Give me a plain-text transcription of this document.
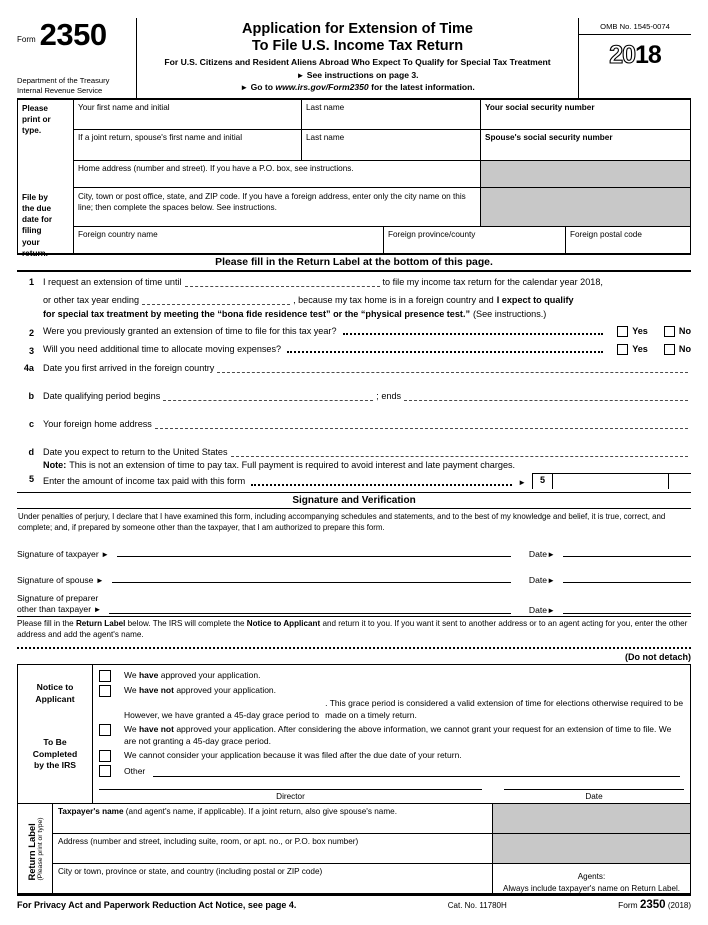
Form 2350
Department of the Treasury
Internal Revenue Service
Application for Extension of Time
To File U.S. Income Tax Return
For U.S. Citizens and Resident Aliens Abroad Who Expect To Qualify for Special Tax Treatment
► See instructions on page 3.
► Go to www.irs.gov/Form2350 for the latest information.
OMB No. 1545-0074
2018
Please
print or
type.
File by
the due
date for
filing
your
return.
Your first name and initial	Last name	Your social security number
If a joint return, spouse's first name and initial	Last name	Spouse's social security number
Home address (number and street). If you have a P.O. box, see instructions.
City, town or post office, state, and ZIP code. If you have a foreign address, enter only the city name on this line; then complete the spaces below. See instructions.
Foreign country name	Foreign province/county	Foreign postal code
Please fill in the Return Label at the bottom of this page.
1 I request an extension of time until	to file my income tax return for the calendar year 2018,
or other tax year ending	, because my tax home is in a foreign country and I expect to qualify
for special tax treatment by meeting the “bona fide residence test” or the “physical presence test.” (See instructions.)
2 Were you previously granted an extension of time to file for this tax year?	Yes	No
3 Will you need additional time to allocate moving expenses?	Yes	No
4a Date you first arrived in the foreign country
b Date qualifying period begins	; ends
c Your foreign home address
d Date you expect to return to the United States
Note: This is not an extension of time to pay tax. Full payment is required to avoid interest and late payment charges.
5 Enter the amount of income tax paid with this form	►	5
Signature and Verification
Under penalties of perjury, I declare that I have examined this form, including accompanying schedules and statements, and to the best of my knowledge and belief, it is true, correct, and complete; and, if prepared by someone other than the taxpayer, that I am authorized to prepare this form.
Signature of taxpayer ►	Date►
Signature of spouse ►	Date►
Signature of preparer
other than taxpayer ►	Date►
Please fill in the Return Label below. The IRS will complete the Notice to Applicant and return it to you. If you want it sent to another address or to an agent acting for you, enter the other address and add the agent's name.
(Do not detach)
Notice to
Applicant
To Be
Completed
by the IRS
We have approved your application.
We have not approved your application.

However, we have granted a 45-day grace period to
. This grace period is considered a valid extension of time for elections otherwise required to be made on a timely return.
We have not approved your application. After considering the above information, we cannot grant your request for an extension of time to file. We are not granting a 45-day grace period.
We cannot consider your application because it was filed after the due date of your return.
Other
Director	Date
Return Label (Please print or type)
Taxpayer's name (and agent's name, if applicable). If a joint return, also give spouse's name.
Address (number and street, including suite, room, or apt. no., or P.O. box number)
City or town, province or state, and country (including postal or ZIP code)
Agents:
Always include taxpayer's name on Return Label.
For Privacy Act and Paperwork Reduction Act Notice, see page 4.	Cat. No. 11780H	Form 2350 (2018)
